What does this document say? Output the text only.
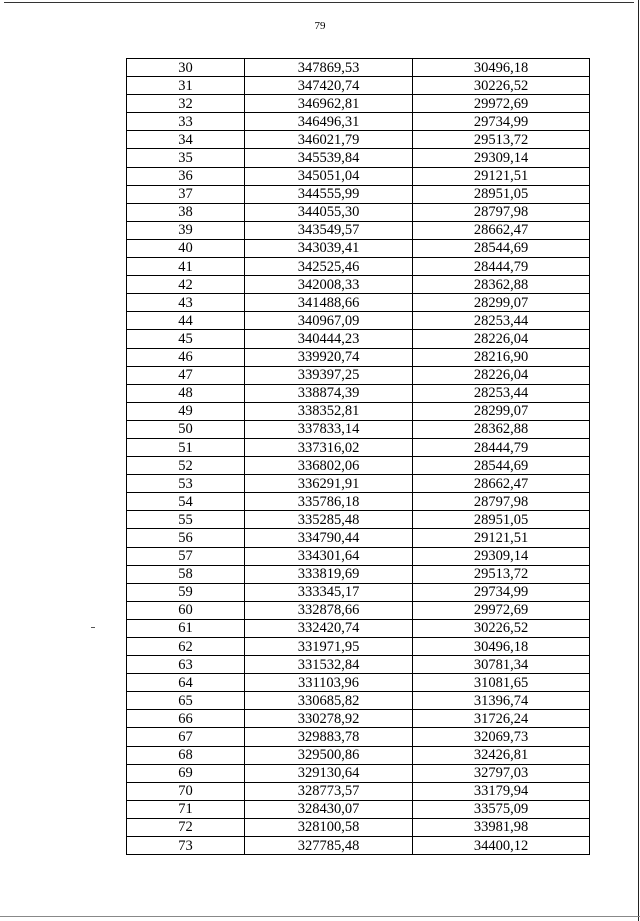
79
30	347869,53	30496,18
31	347420,74	30226,52
32	346962,81	29972,69
33	346496,31	29734,99
34	346021,79	29513,72
35	345539,84	29309,14
36	345051,04	29121,51
37	344555,99	28951,05
38	344055,30	28797,98
39	343549,57	28662,47
40	343039,41	28544,69
41	342525,46	28444,79
42	342008,33	28362,88
43	341488,66	28299,07
44	340967,09	28253,44
45	340444,23	28226,04
46	339920,74	28216,90
47	339397,25	28226,04
48	338874,39	28253,44
49	338352,81	28299,07
50	337833,14	28362,88
51	337316,02	28444,79
52	336802,06	28544,69
53	336291,91	28662,47
54	335786,18	28797,98
55	335285,48	28951,05
56	334790,44	29121,51
57	334301,64	29309,14
58	333819,69	29513,72
59	333345,17	29734,99
60	332878,66	29972,69
61	332420,74	30226,52
62	331971,95	30496,18
63	331532,84	30781,34
64	331103,96	31081,65
65	330685,82	31396,74
66	330278,92	31726,24
67	329883,78	32069,73
68	329500,86	32426,81
69	329130,64	32797,03
70	328773,57	33179,94
71	328430,07	33575,09
72	328100,58	33981,98
73	327785,48	34400,12
